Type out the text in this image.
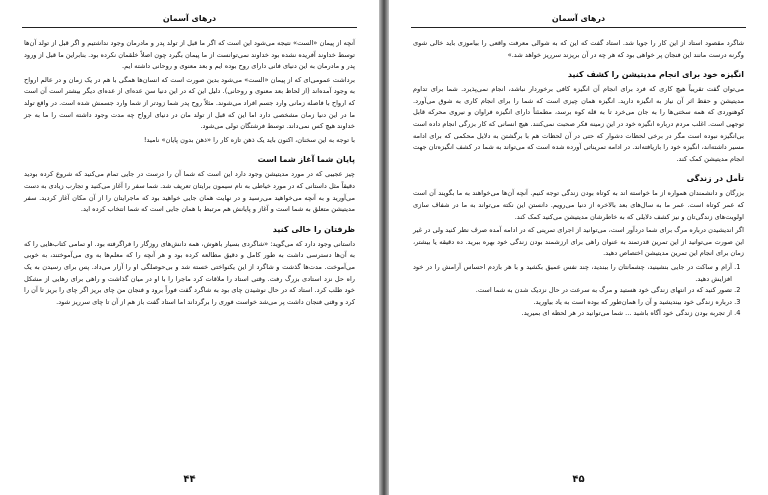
درهای آسمان

آنچه از پیمان «الست» نتیجه می‌شود این است که اگر ما قبل از تولد پدر و مادرمان وجود نداشتیم و اگر قبل از تولد آن‌ها توسط خداوند آفریده نشده بود خداوند نمی‌توانست از ما پیمان بگیرد چون اصلاً خلقمان نکرده بود. بنابراین ما قبل از ورود پدر و مادرمان به این دنیای فانی دارای روح بوده ایم و بعد معنوی و روحانی داشته ایم.

برداشت عمومی‌ای که از پیمان «الست» می‌شود بدین صورت است که انسان‌ها همگی با هم در یک زمان و در عالم ارواح به وجود آمده‌اند (از لحاظ بعد معنوی و روحانی). دلیل این که در این دنیا سن عده‌ای از عده‌ای دیگر بیشتر است آن است که ارواح با فاصله زمانی وارد جسم افراد می‌شوند. مثلاً روح پدر شما زودتر از شما وارد جسمش شده است. در واقع تولد ما در این دنیا زمان مشخصی دارد اما این که قبل از تولد مان در دنیای ارواح چه مدت وجود داشته است را ما به جز خداوند هیچ کس نمی‌داند. توسط فرشتگان تولی می‌شود.

با توجه به این سخنان، اکنون باید یک ذهن تازه کار را «ذهن بدون پایان» نامید!

پایان شما آغاز شما است

چیز عجیبی که در مورد مدیتیشن وجود دارد این است که شما آن را درست در جایی تمام می‌کنید که شروع کرده بودید دقیقاً مثل داستانی که در مورد خیاطی به نام سیمون برایتان تعریف شد. شما سفر را آغاز می‌کنید و تجارب زیادی به دست می‌آورید و به آنچه می‌خواهید می‌رسید و در نهایت همان جایی خواهید بود که ماجرایتان را از آن مکان آغاز کردید. سفر مدیتیشن متعلق به شما است و آغاز و پایانش هم مرتبط با همان جایی است که شما انتخاب کرده اید.

ظرفتان را خالی کنید

داستانی وجود دارد که می‌گوید: «شاگردی بسیار باهوش، همه دانش‌های روزگار را فراگرفته بود. او تمامی کتاب‌هایی را که به آن‌ها دسترسی داشت به طور کامل و دقیق مطالعه کرده بود و هر آنچه را که معلم‌ها به وی می‌آموختند، به خوبی می‌آموخت. مدت‌ها گذشت و شاگرد از این یکنواختی خسته شد و بی‌حوصلگی او را آزار می‌داد. پس برای رسیدن به یک راه حل نزد استادی بزرگ رفت. وقتی استاد را ملاقات کرد ماجرا را با او در میان گذاشت و راهی برای رهایی از مشکل خود طلب کرد. استاد که در حال نوشیدن چای بود به شاگرد گفت فوراً برود و فنجان من چای بریز اگر چای را بریز تا آن را کرد و وقتی فنجان داشت پر می‌شد خواست فوری را برگرداند اما استاد گفت باز هم از آن تا چای سرریز شود.

۴۴
درهای آسمان

شاگرد مقصود استاد از این کار را جویا شد. استاد گفت که این که به شوالی معرفت واقعی را بیاموزی باید خالی شوی وگرنه درست مانند این فنجان پر خواهی بود که هر چه در آن بریزند سرریز خواهد شد.»

انگیزه خود برای انجام مدیتیشن را کشف کنید

می‌توان گفت تقریباً هیچ کاری که فرد برای انجام آن انگیزه کافی برخوردار نباشد، انجام نمی‌پذیرد. شما برای تداوم مدیتیشن و حفظ اثر آن نیاز به انگیزه دارید. انگیزه همان چیزی است که شما را برای انجام کاری به شوق می‌آورد. کوهنوردی که همه سختی‌ها را به جان می‌خرد تا به قله کوه برسد، مطمئناً دارای انگیزه فراوان و نیروی محرکه قابل توجهی است. اغلب مردم درباره انگیزه خود در این زمینه فکر صحبت نمی‌کنند. هیچ انسانی که کار بزرگی انجام داده است بی‌انگیزه نبوده است مگر در برخی لحظات دشوار که حتی در آن لحظات هم با برگشتن به دلایل محکمی که برای ادامه مسیر داشته‌اند، انگیزه خود را بازیافته‌اند. در ادامه تمریناتی آورده شده است که می‌تواند به شما در کشف انگیزه‌تان جهت انجام مدیتیشن کمک کند.

تأمل در زندگی

بزرگان و دانشمندان همواره از ما خواسته اند به کوتاه بودن زندگی توجه کنیم. آنچه آن‌ها می‌خواهند به ما بگویند آن است که عمر کوتاه است. عمر ما به سال‌های بعد بالاخره از دنیا می‌رویم. دانستن این نکته می‌تواند به ما در شفاف سازی اولویت‌های زندگی‌تان و نیز کشف دلایلی که به خاطرشان مدیتیشن می‌کنید کمک کند.

اگر اندیشیدن درباره مرگ برای شما دردآور است، می‌توانید از اجرای تمرینی که در ادامه آمده صرف نظر کنید ولی در غیر این صورت می‌توانید از این تمرین قدرتمند به عنوان راهی برای ارزشمند بودن زندگی خود بهره ببرید. ده دقیقه یا بیشتر، زمان برای انجام این تمرین مدیتیشن اختصاص دهید.

1. آرام و ساکت در جایی بنشینید، چشمانتان را ببندید، چند نفس عمیق بکشید و با هر بازدم احساس آرامش را در خود افزایش دهید.
2. تصور کنید که در انتهای زندگی خود هستید و مرگ به سرعت در حال نزدیک شدن به شما است.
3. درباره زندگی خود بیندیشید و آن را همان‌طور که بوده است به یاد بیاورید.
4. از تجربه بودن زندگی خود آگاه باشید ... شما می‌توانید در هر لحظه ای بمیرید.
۴۵
